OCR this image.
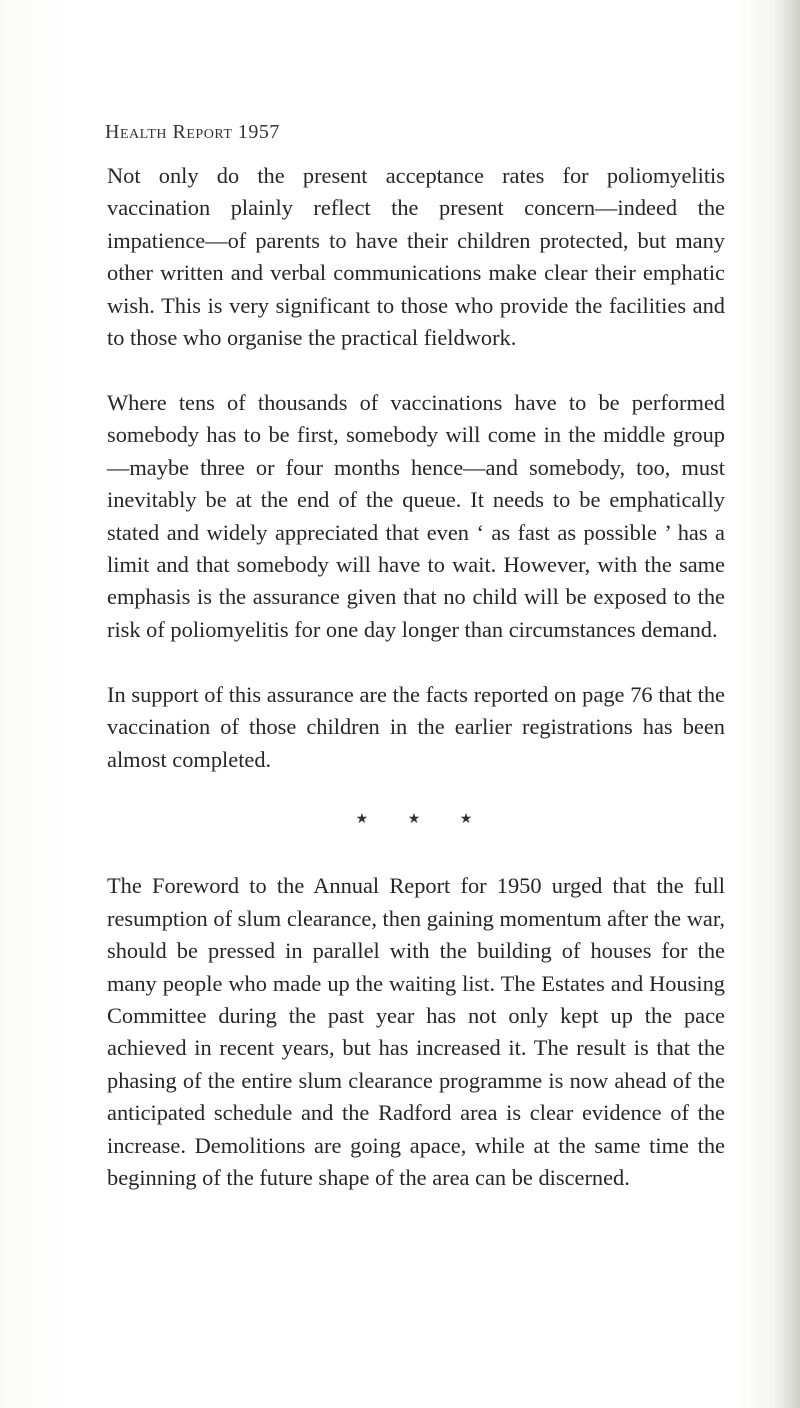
Health Report 1957

Not only do the present acceptance rates for poliomyelitis vaccination plainly reflect the present concern—indeed the impatience—of parents to have their children protected, but many other written and verbal communications make clear their emphatic wish. This is very significant to those who provide the facilities and to those who organise the practical fieldwork.

Where tens of thousands of vaccinations have to be performed somebody has to be first, somebody will come in the middle group—maybe three or four months hence—and somebody, too, must inevitably be at the end of the queue. It needs to be emphatically stated and widely appreciated that even ‘ as fast as possible ’ has a limit and that somebody will have to wait. However, with the same emphasis is the assurance given that no child will be exposed to the risk of poliomyelitis for one day longer than circumstances demand.

In support of this assurance are the facts reported on page 76 that the vaccination of those children in the earlier registrations has been almost completed.

★ ★ ★

The Foreword to the Annual Report for 1950 urged that the full resumption of slum clearance, then gaining momentum after the war, should be pressed in parallel with the building of houses for the many people who made up the waiting list. The Estates and Housing Committee during the past year has not only kept up the pace achieved in recent years, but has increased it. The result is that the phasing of the entire slum clearance programme is now ahead of the anticipated schedule and the Radford area is clear evidence of the increase. Demolitions are going apace, while at the same time the beginning of the future shape of the area can be discerned.
